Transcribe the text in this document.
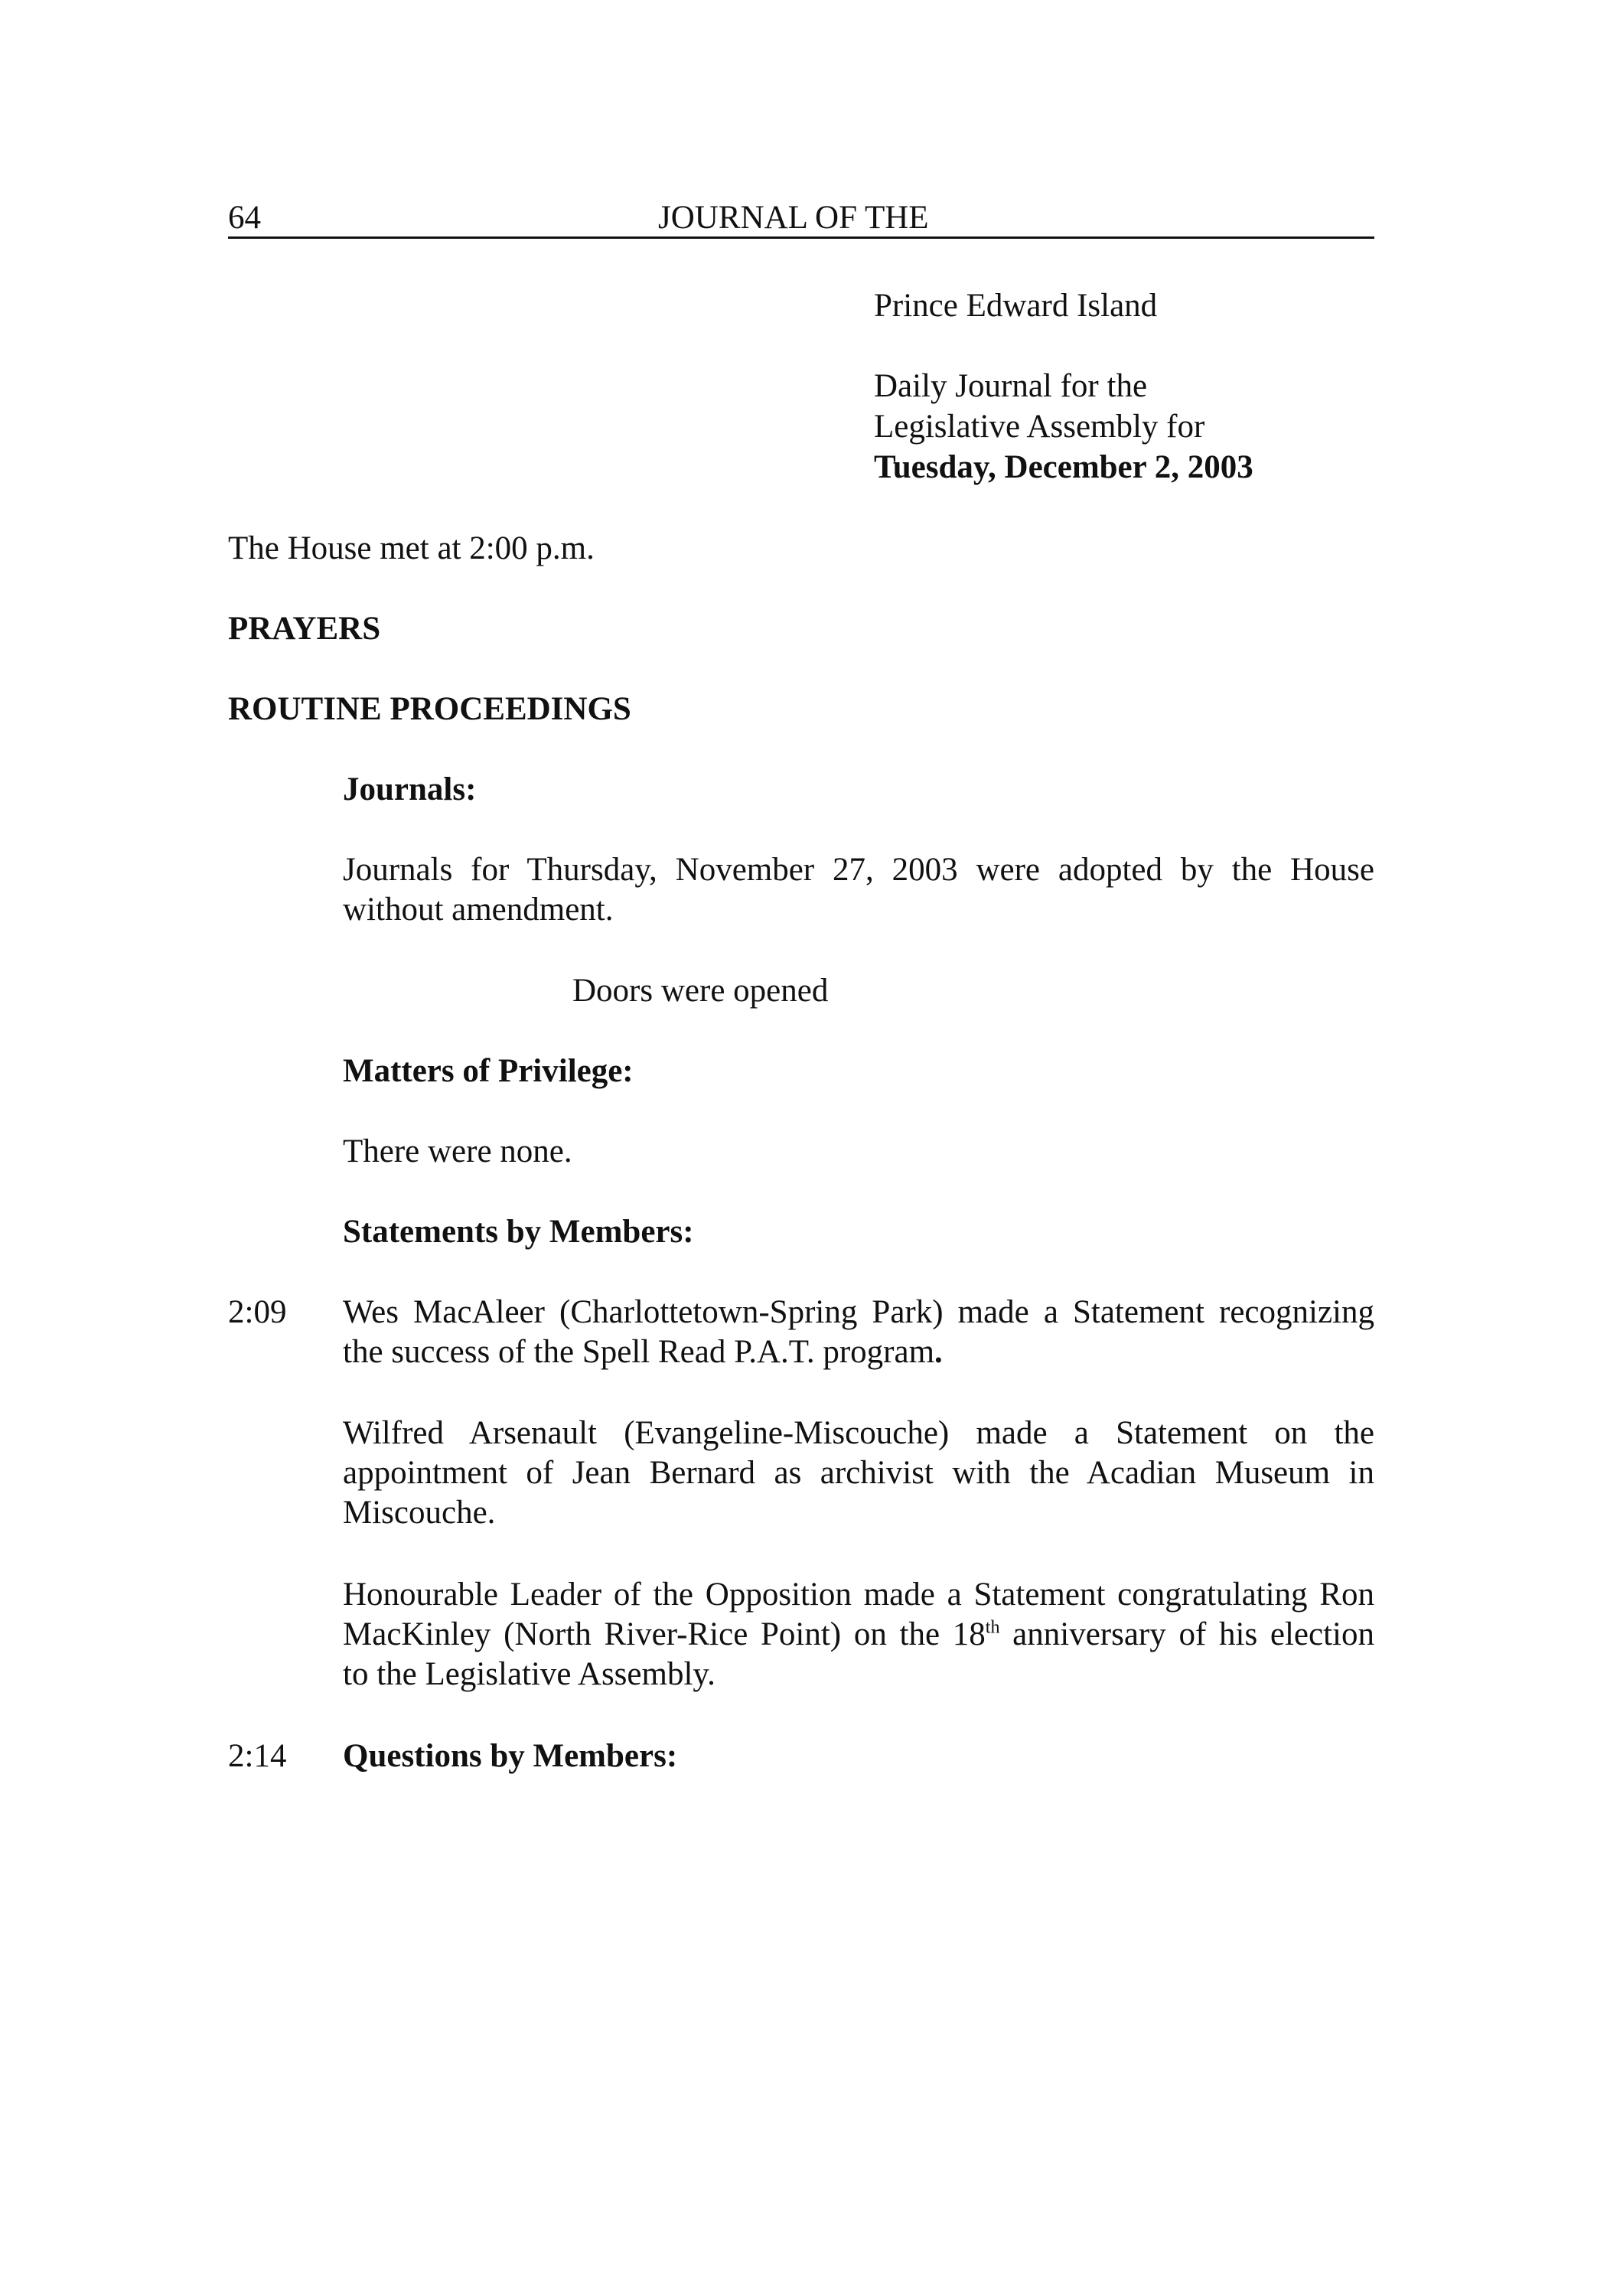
64	JOURNAL OF THE
Prince Edward Island
Daily Journal for the
Legislative Assembly for
Tuesday, December 2, 2003
The House met at 2:00 p.m.
PRAYERS
ROUTINE PROCEEDINGS
Journals:
Journals for Thursday, November 27, 2003 were adopted by the House
without amendment.
Doors were opened
Matters of Privilege:
There were none.
Statements by Members:
2:09 Wes MacAleer (Charlottetown-Spring Park) made a Statement recognizing
the success of the Spell Read P.A.T. program.
Wilfred Arsenault (Evangeline-Miscouche) made a Statement on the
appointment of Jean Bernard as archivist with the Acadian Museum in
Miscouche.
Honourable Leader of the Opposition made a Statement congratulating Ron
MacKinley (North River-Rice Point) on the 18th anniversary of his election
to the Legislative Assembly.
2:14 Questions by Members:
